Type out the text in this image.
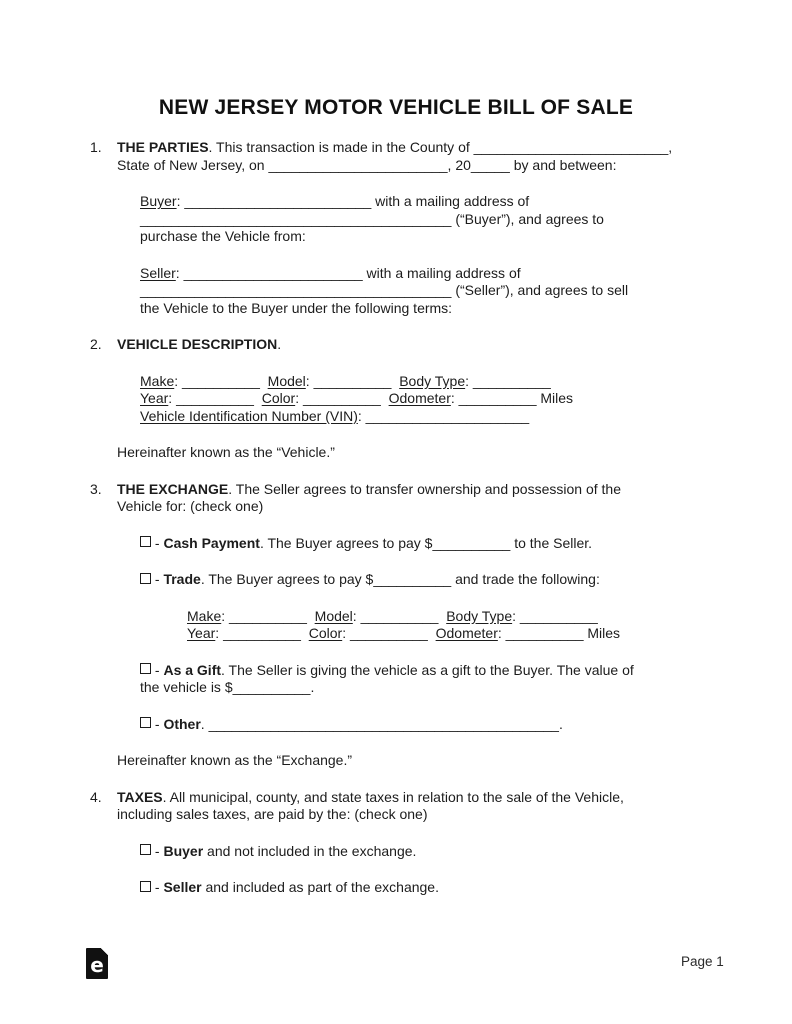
NEW JERSEY MOTOR VEHICLE BILL OF SALE
1. THE PARTIES. This transaction is made in the County of _________________________,
State of New Jersey, on _______________________, 20_____ by and between:
Buyer: ________________________ with a mailing address of
________________________________________ (“Buyer”), and agrees to
purchase the Vehicle from:
Seller: _______________________ with a mailing address of
________________________________________ (“Seller”), and agrees to sell
the Vehicle to the Buyer under the following terms:
2. VEHICLE DESCRIPTION.
Make: __________  Model: __________  Body Type: __________
Year: __________  Color: __________  Odometer: __________ Miles
Vehicle Identification Number (VIN): _____________________
Hereinafter known as the “Vehicle.”
3. THE EXCHANGE. The Seller agrees to transfer ownership and possession of the
Vehicle for: (check one)
- Cash Payment. The Buyer agrees to pay $__________ to the Seller.
- Trade. The Buyer agrees to pay $__________ and trade the following:
Make: __________  Model: __________  Body Type: __________
Year: __________  Color: __________  Odometer: __________ Miles
- As a Gift. The Seller is giving the vehicle as a gift to the Buyer. The value of
the vehicle is $__________.
- Other. _____________________________________________.
Hereinafter known as the “Exchange.”
4. TAXES. All municipal, county, and state taxes in relation to the sale of the Vehicle,
including sales taxes, are paid by the: (check one)
- Buyer and not included in the exchange.
- Seller and included as part of the exchange.
e	Page 1
